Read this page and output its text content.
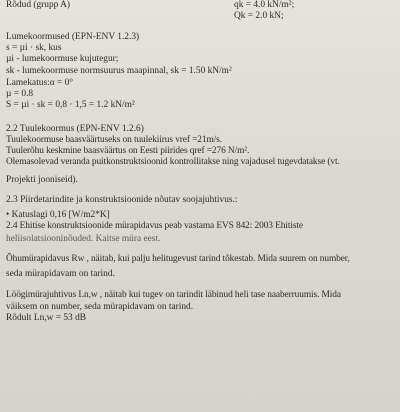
Rõdud (grupp A)	qk = 4.0 kN/m²;
Qk = 2.0 kN;
Lumekoormused (EPN-ENV 1.2.3)
s = µi · sk, kus
µi - lumekoormuse kujutegur;
sk - lumekoormuse normsuurus maapinnal, sk = 1.50 kN/m²
Lamekatus:α = 0°
µ = 0.8
S = µi · sk = 0,8 · 1,5 = 1.2 kN/m²
2.2 Tuulekoormus (EPN-ENV 1.2.6)
Tuulekoormuse baasväärtuseks on tuulekiirus vref =21m/s.
Tuulerõhu keskmine baasväärtus on Eesti piirides qref =276 N/m².
Olemasolevad veranda puitkonstruktsioonid kontrollitakse ning vajadusel tugevdatakse (vt.
Projekti jooniseid).
2.3 Piirdetarindite ja konstruktsioonide nõutav soojajuhtivus.:
• Katuslagi 0,16 [W/m2*K]
2.4 Ehitise konstruktsioonide mürapidavus peab vastama EVS 842: 2003 Ehitiste
heliisolatsiooninõuded. Kaitse müra eest.
Õhumürapidavus Rw , näitab, kui palju helitugevust tarind tõkestab. Mida suurem on number,
seda mürapidavam on tarind.
Löögimürajuhtivus Ln,w , näitab kui tugev on tarindit läbinud heli tase naaberruumis. Mida
väiksem on number, seda mürapidavam on tarind.
Rõdult Ln,w = 53 dB
